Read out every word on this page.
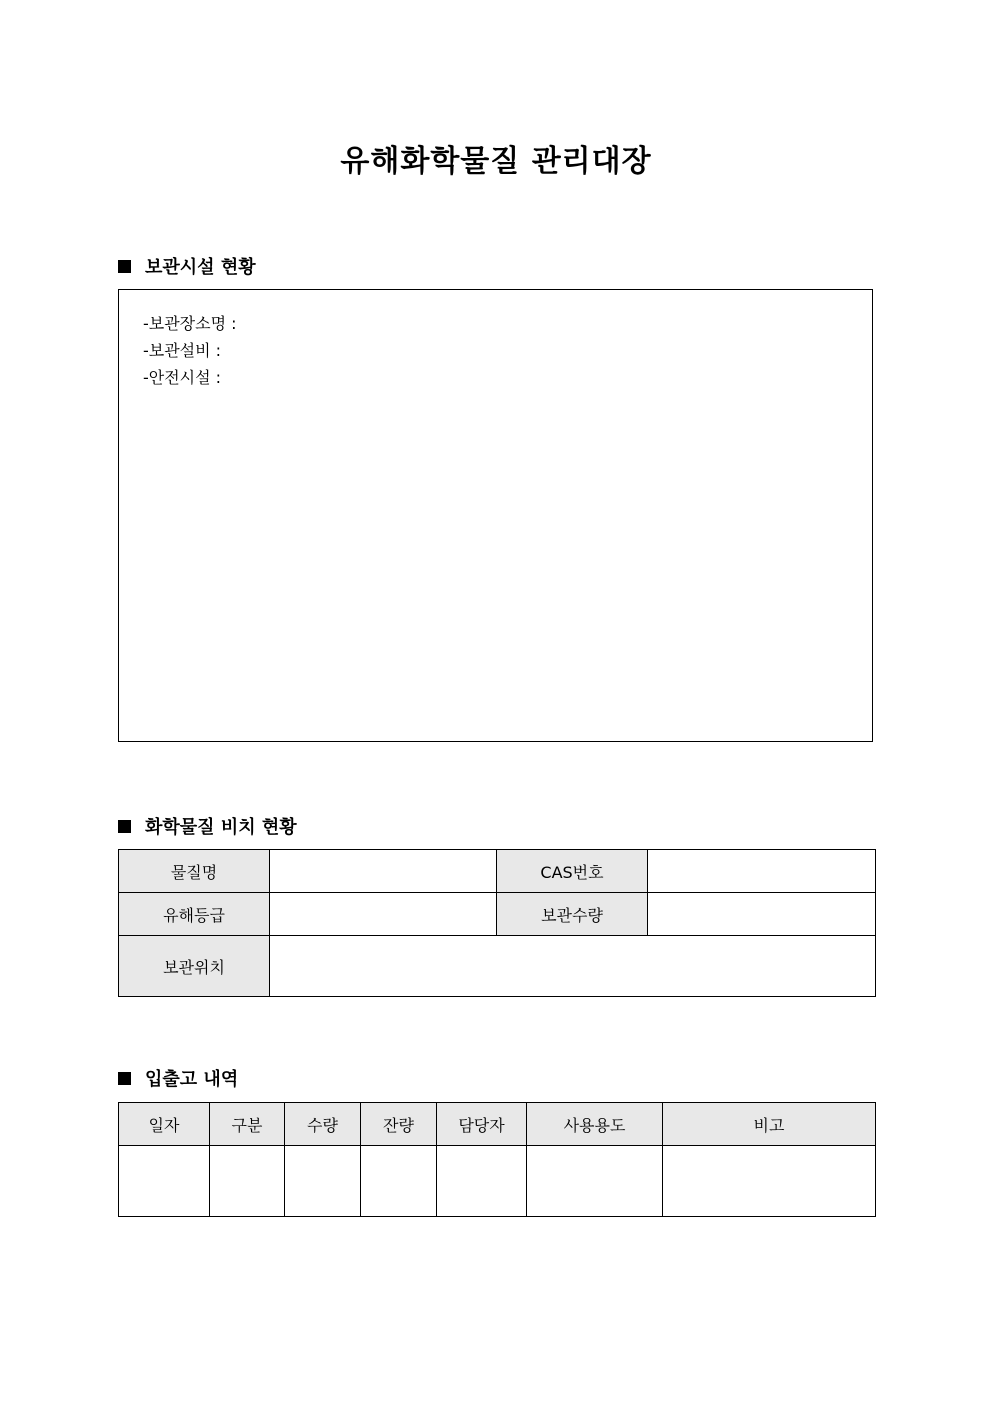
유해화학물질 관리대장
보관시설 현황
-보관장소명 :
-보관설비 :
-안전시설 :
화학물질 비치 현황
물질명		CAS번호	
유해등급		보관수량	
보관위치			
입출고 내역
일자	구분	수량	잔량	담당자	사용용도	비고
